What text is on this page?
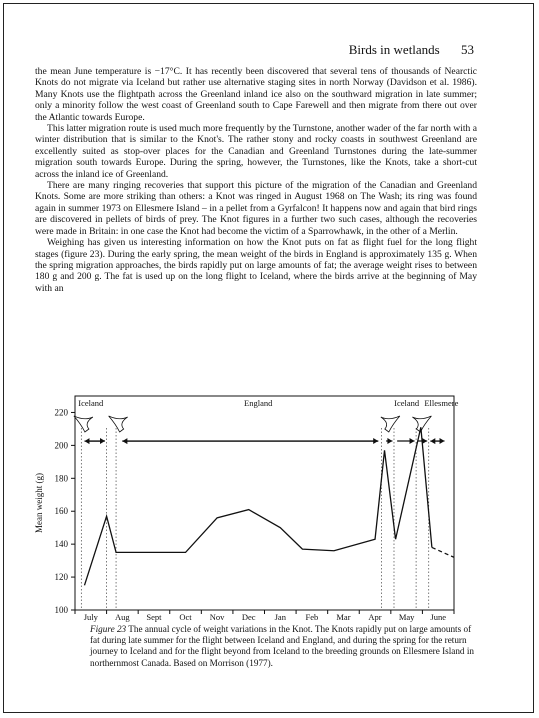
Birds in wetlands 53

the mean June temperature is −17°C. It has recently been discovered that several tens of thousands of Nearctic Knots do not migrate via Iceland but rather use alternative staging sites in north Norway (Davidson et al. 1986). Many Knots use the flightpath across the Greenland inland ice also on the southward migration in late summer; only a minority follow the west coast of Greenland south to Cape Farewell and then migrate from there out over the Atlantic towards Europe.

This latter migration route is used much more frequently by the Turnstone, another wader of the far north with a winter distribution that is similar to the Knot's. The rather stony and rocky coasts in southwest Greenland are excellently suited as stop-over places for the Canadian and Greenland Turnstones during the late-summer migration south towards Europe. During the spring, however, the Turnstones, like the Knots, take a short-cut across the inland ice of Greenland.

There are many ringing recoveries that support this picture of the migration of the Canadian and Greenland Knots. Some are more striking than others: a Knot was ringed in August 1968 on The Wash; its ring was found again in summer 1973 on Ellesmere Island – in a pellet from a Gyrfalcon! It happens now and again that bird rings are discovered in pellets of birds of prey. The Knot figures in a further two such cases, although the recoveries were made in Britain: in one case the Knot had become the victim of a Sparrowhawk, in the other of a Merlin.

Weighing has given us interesting information on how the Knot puts on fat as flight fuel for the long flight stages (figure 23). During the early spring, the mean weight of the birds in England is approximately 135 g. When the spring migration approaches, the birds rapidly put on large amounts of fat; the average weight rises to between 180 g and 200 g. The fat is used up on the long flight to Iceland, where the birds arrive at the beginning of May with an

100
120
140
160
180
200
220
Mean weight (g)
July Aug Sept Oct Nov Dec Jan Feb Mar Apr May June
Iceland	England	Iceland Ellesmere
Figure 23 The annual cycle of weight variations in the Knot. The Knots rapidly put on large amounts of fat during late summer for the flight between Iceland and England, and during the spring for the return journey to Iceland and for the flight beyond from Iceland to the breeding grounds on Ellesmere Island in northernmost Canada. Based on Morrison (1977).
